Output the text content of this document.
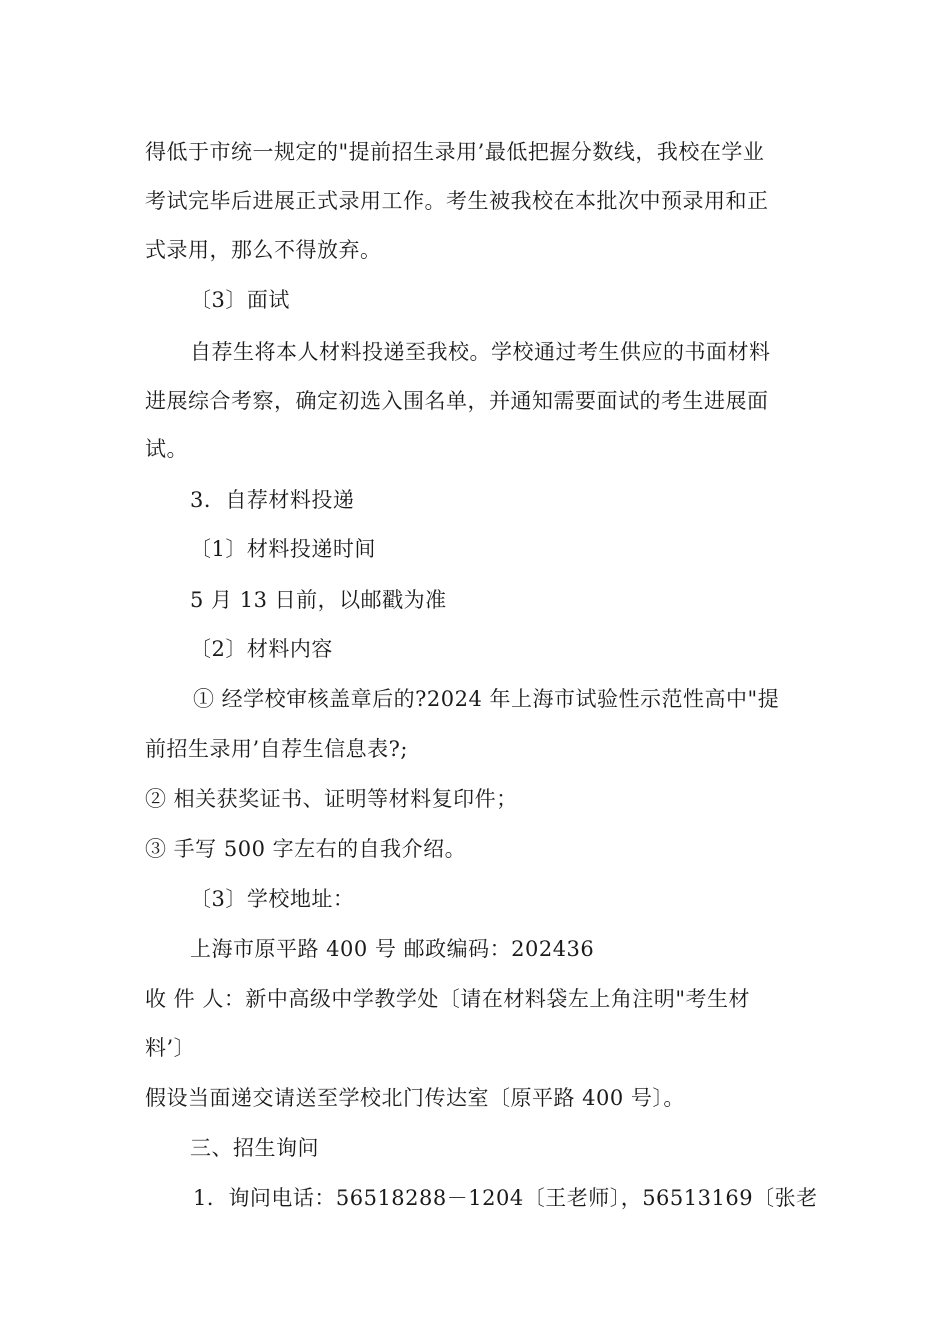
得低于市统一规定的"提前招生录用’最低把握分数线，我校在学业
考试完毕后进展正式录用工作。考生被我校在本批次中预录用和正
式录用，那么不得放弃。
〔3〕面试
自荐生将本人材料投递至我校。学校通过考生供应的书面材料
进展综合考察，确定初选入围名单，并通知需要面试的考生进展面
试。
3．自荐材料投递
〔1〕材料投递时间
5 月 13 日前，以邮戳为准
〔2〕材料内容
① 经学校审核盖章后的?2024 年上海市试验性示范性高中"提
前招生录用’自荐生信息表?;
② 相关获奖证书、证明等材料复印件；
③ 手写 500 字左右的自我介绍。
〔3〕学校地址：
上海市原平路 400 号 邮政编码：202436
收 件 人：新中高级中学教学处〔请在材料袋左上角注明"考生材
料’〕
假设当面递交请送至学校北门传达室〔原平路 400 号〕。
三、招生询问
1．询问电话：56518288－1204〔王老师〕，56513169〔张老
